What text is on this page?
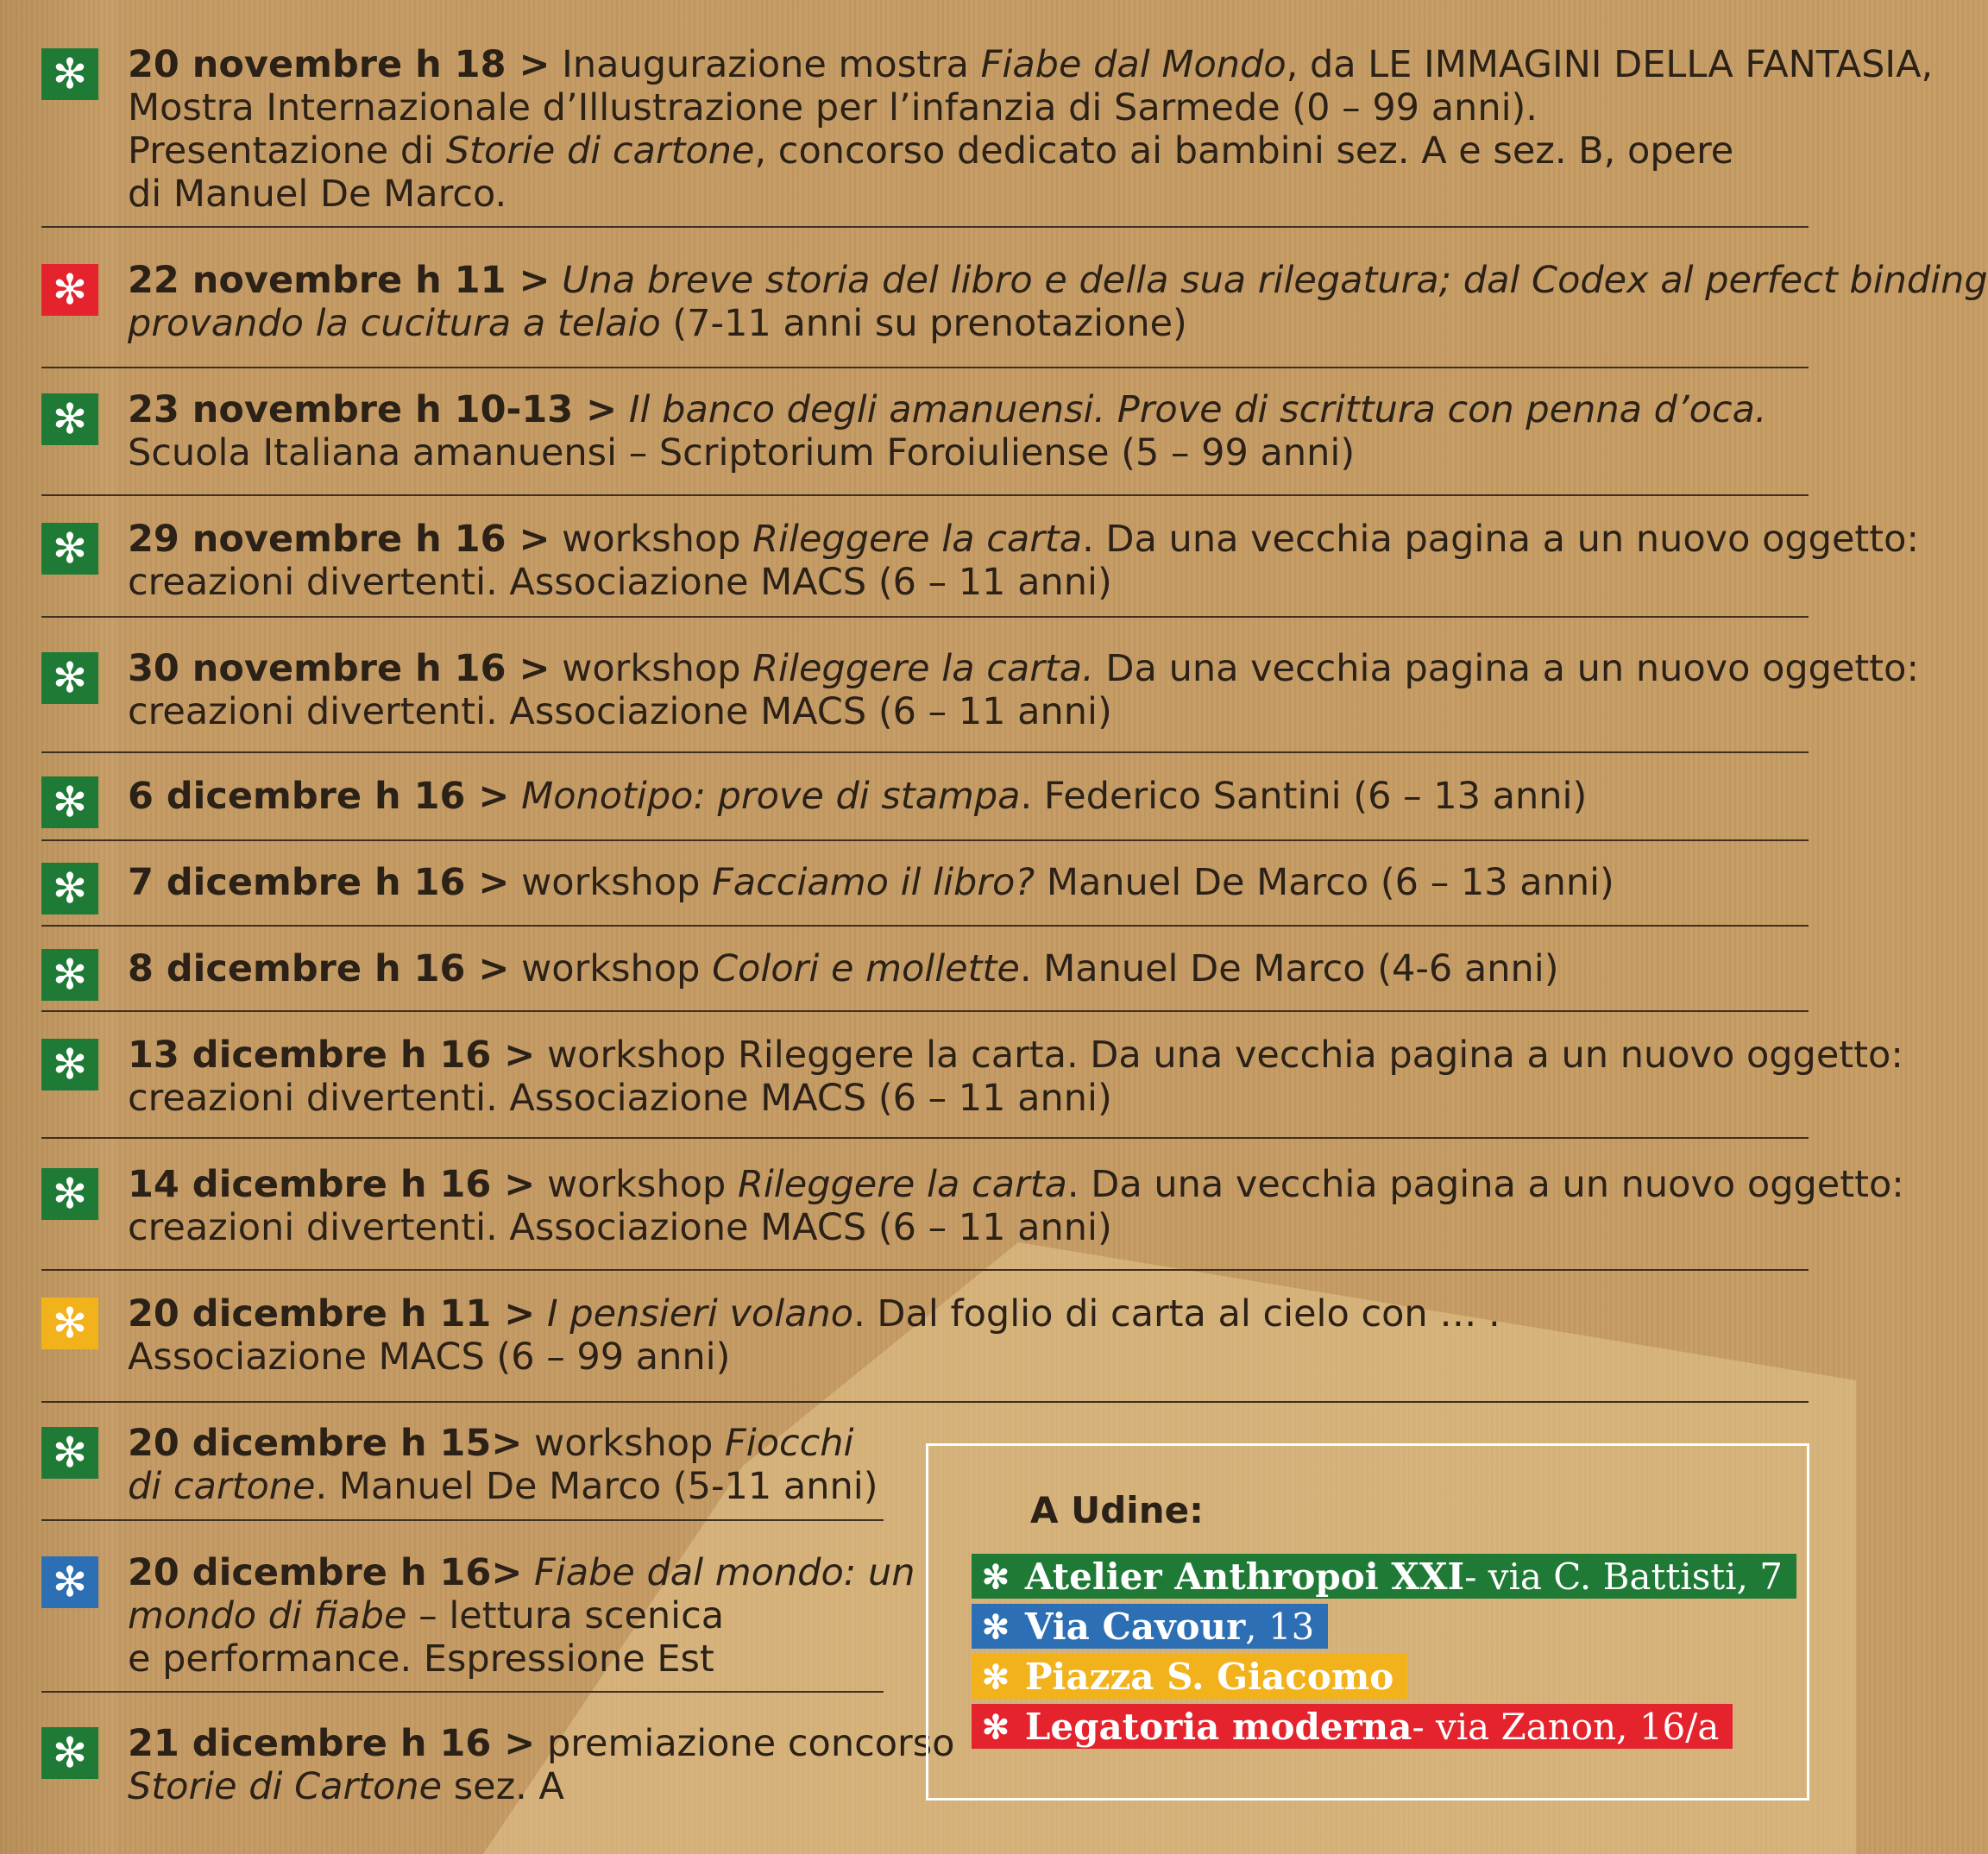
✻ 20 novembre h 18 > Inaugurazione mostra Fiabe dal Mondo, da LE IMMAGINI DELLA FANTASIA,
Mostra Internazionale d’Illustrazione per l’infanzia di Sarmede (0 – 99 anni).
Presentazione di Storie di cartone, concorso dedicato ai bambini sez. A e sez. B, opere
di Manuel De Marco.
✻ 22 novembre h 11 > Una breve storia del libro e della sua rilegatura; dal Codex al perfect binding
provando la cucitura a telaio (7-11 anni su prenotazione)
✻ 23 novembre h 10-13 > Il banco degli amanuensi. Prove di scrittura con penna d’oca.
Scuola Italiana amanuensi – Scriptorium Foroiuliense (5 – 99 anni)
✻ 29 novembre h 16 > workshop Rileggere la carta. Da una vecchia pagina a un nuovo oggetto:
creazioni divertenti. Associazione MACS (6 – 11 anni)
✻ 30 novembre h 16 > workshop Rileggere la carta. Da una vecchia pagina a un nuovo oggetto:
creazioni divertenti. Associazione MACS (6 – 11 anni)
✻ 6 dicembre h 16 > Monotipo: prove di stampa. Federico Santini (6 – 13 anni)
✻ 7 dicembre h 16 > workshop Facciamo il libro? Manuel De Marco (6 – 13 anni)
✻ 8 dicembre h 16 > workshop Colori e mollette. Manuel De Marco (4-6 anni)
✻ 13 dicembre h 16 > workshop Rileggere la carta. Da una vecchia pagina a un nuovo oggetto:
creazioni divertenti. Associazione MACS (6 – 11 anni)
✻ 14 dicembre h 16 > workshop Rileggere la carta. Da una vecchia pagina a un nuovo oggetto:
creazioni divertenti. Associazione MACS (6 – 11 anni)
✻ 20 dicembre h 11 > I pensieri volano. Dal foglio di carta al cielo con … .
Associazione MACS (6 – 99 anni)
✻ 20 dicembre h 15> workshop Fiocchi
di cartone. Manuel De Marco (5-11 anni)
✻ 20 dicembre h 16> Fiabe dal mondo: un
mondo di fiabe – lettura scenica
e performance. Espressione Est
✻ 21 dicembre h 16 > premiazione concorso
Storie di Cartone sez. A
A Udine:
✻ Atelier Anthropoi XXI - via C. Battisti, 7
✻ Via Cavour , 13
✻ Piazza S. Giacomo
✻ Legatoria moderna - via Zanon, 16/a
